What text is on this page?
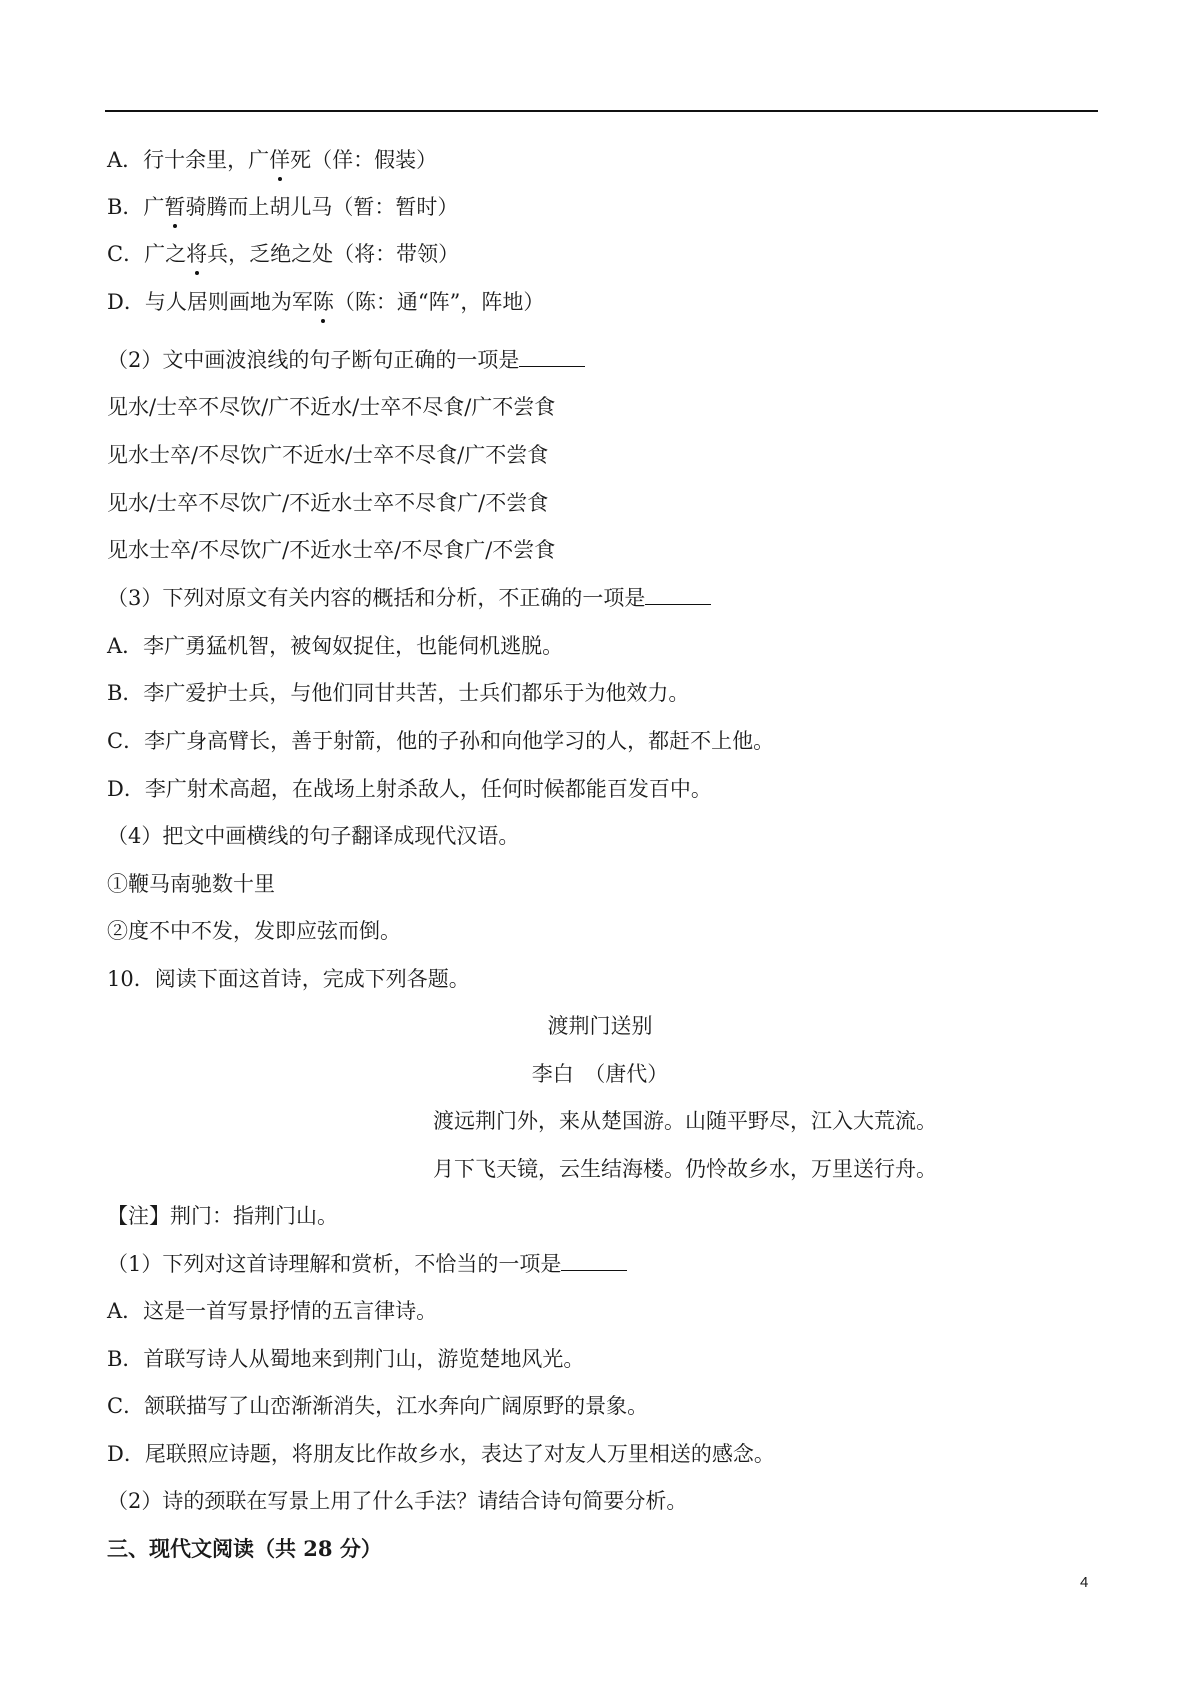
A．行十余里，广佯死（佯：假装）
B．广暂骑腾而上胡儿马（暂：暂时）
C．广之将兵，乏绝之处（将：带领）
D．与人居则画地为军陈（陈：通“阵”，阵地）
（2）文中画波浪线的句子断句正确的一项是
见水/士卒不尽饮/广不近水/士卒不尽食/广不尝食
见水士卒/不尽饮广不近水/士卒不尽食/广不尝食
见水/士卒不尽饮广/不近水士卒不尽食广/不尝食
见水士卒/不尽饮广/不近水士卒/不尽食广/不尝食
（3）下列对原文有关内容的概括和分析，不正确的一项是
A．李广勇猛机智，被匈奴捉住，也能伺机逃脱。
B．李广爱护士兵，与他们同甘共苦，士兵们都乐于为他效力。
C．李广身高臂长，善于射箭，他的子孙和向他学习的人，都赶不上他。
D．李广射术高超，在战场上射杀敌人，任何时候都能百发百中。
（4）把文中画横线的句子翻译成现代汉语。
①鞭马南驰数十里
②度不中不发，发即应弦而倒。
10．阅读下面这首诗，完成下列各题。
渡荆门送别
李白　（唐代）
渡远荆门外，来从楚国游。山随平野尽，江入大荒流。
月下飞天镜，云生结海楼。仍怜故乡水，万里送行舟。
【注】荆门：指荆门山。
（1）下列对这首诗理解和赏析，不恰当的一项是
A．这是一首写景抒情的五言律诗。
B．首联写诗人从蜀地来到荆门山，游览楚地风光。
C．颔联描写了山峦渐渐消失，江水奔向广阔原野的景象。
D．尾联照应诗题，将朋友比作故乡水，表达了对友人万里相送的感念。
（2）诗的颈联在写景上用了什么手法？请结合诗句简要分析。
三、现代文阅读（共 28 分）
4
